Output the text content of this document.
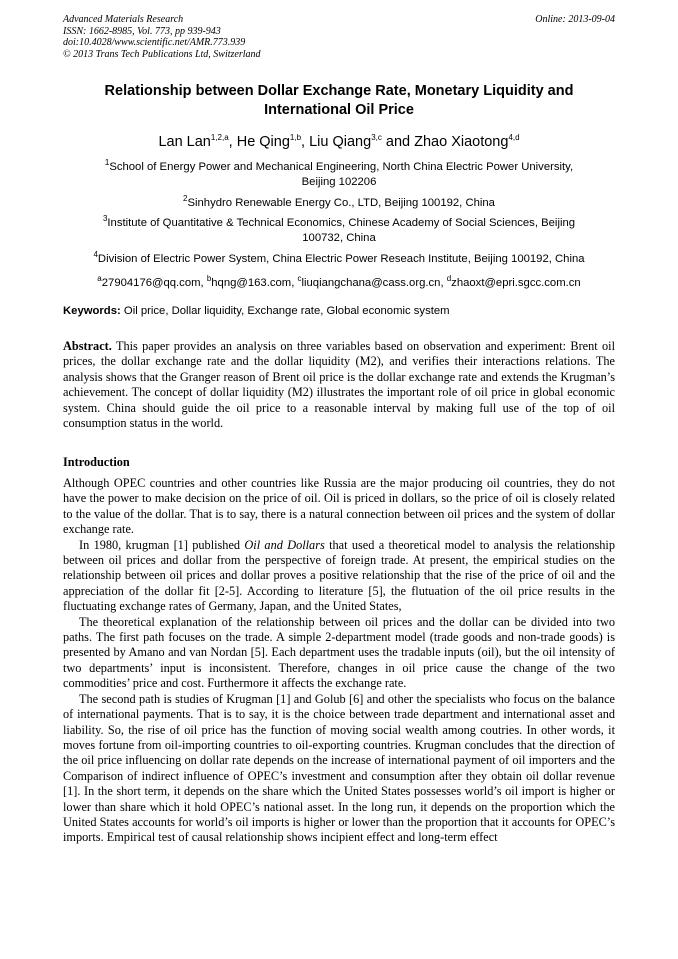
Advanced Materials Research
ISSN: 1662-8985, Vol. 773, pp 939-943
doi:10.4028/www.scientific.net/AMR.773.939
© 2013 Trans Tech Publications Ltd, Switzerland
Online: 2013-09-04
Relationship between Dollar Exchange Rate, Monetary Liquidity and
International Oil Price
Lan Lan$^{1,2,a}$, He Qing$^{1,b}$, Liu Qiang$^{3,c}$ and Zhao Xiaotong$^{4,d}$
$^1$School of Energy Power and Mechanical Engineering, North China Electric Power University,
Beijing 102206
$^2$Sinhydro Renewable Energy Co., LTD, Beijing 100192, China
$^3$Institute of Quantitative & Technical Economics, Chinese Academy of Social Sciences, Beijing
100732, China
$^4$Division of Electric Power System, China Electric Power Reseach Institute, Beijing 100192, China
$^a$27904176@qq.com, $^b$hqng@163.com, $^c$liuqiangchana@cass.org.cn, $^d$zhaoxt@epri.sgcc.com.cn
Keywords: Oil price, Dollar liquidity, Exchange rate, Global economic system
Abstract. This paper provides an analysis on three variables based on observation and experiment: Brent oil prices, the dollar exchange rate and the dollar liquidity (M2), and verifies their interactions relations. The analysis shows that the Granger reason of Brent oil price is the dollar exchange rate and extends the Krugman’s achievement. The concept of dollar liquidity (M2) illustrates the important role of oil price in global economic system. China should guide the oil price to a reasonable interval by making full use of the top of oil consumption status in the world.
Introduction

Although OPEC countries and other countries like Russia are the major producing oil countries, they do not have the power to make decision on the price of oil. Oil is priced in dollars, so the price of oil is closely related to the value of the dollar. That is to say, there is a natural connection between oil prices and the system of dollar exchange rate.

In 1980, krugman [1] published Oil and Dollars that used a theoretical model to analysis the relationship between oil prices and dollar from the perspective of foreign trade. At present, the empirical studies on the relationship between oil prices and dollar proves a positive relationship that the rise of the price of oil and the appreciation of the dollar fit [2-5]. According to literature [5], the flutuation of the oil price results in the fluctuating exchange rates of Germany, Japan, and the United States,

The theoretical explanation of the relationship between oil prices and the dollar can be divided into two paths. The first path focuses on the trade. A simple 2-department model (trade goods and non-trade goods) is presented by Amano and van Nordan [5]. Each department uses the tradable inputs (oil), but the oil intensity of two departments’ input is inconsistent. Therefore, changes in oil price cause the change of the two commodities’ price and cost. Furthermore it affects the exchange rate.

The second path is studies of Krugman [1] and Golub [6] and other the specialists who focus on the balance of international payments. That is to say, it is the choice between trade department and international asset and liability. So, the rise of oil price has the function of moving social wealth among coutries. In other words, it moves fortune from oil-importing countries to oil-exporting countries. Krugman concludes that the direction of the oil price influencing on dollar rate depends on the increase of international payment of oil importers and the Comparison of indirect influence of OPEC’s investment and consumption after they obtain oil dollar revenue [1]. In the short term, it depends on the share which the United States possesses world’s oil import is higher or lower than share which it hold OPEC’s national asset. In the long run, it depends on the proportion which the United States accounts for world’s oil imports is higher or lower than the proportion that it accounts for OPEC’s imports. Empirical test of causal relationship shows incipient effect and long-term effect
